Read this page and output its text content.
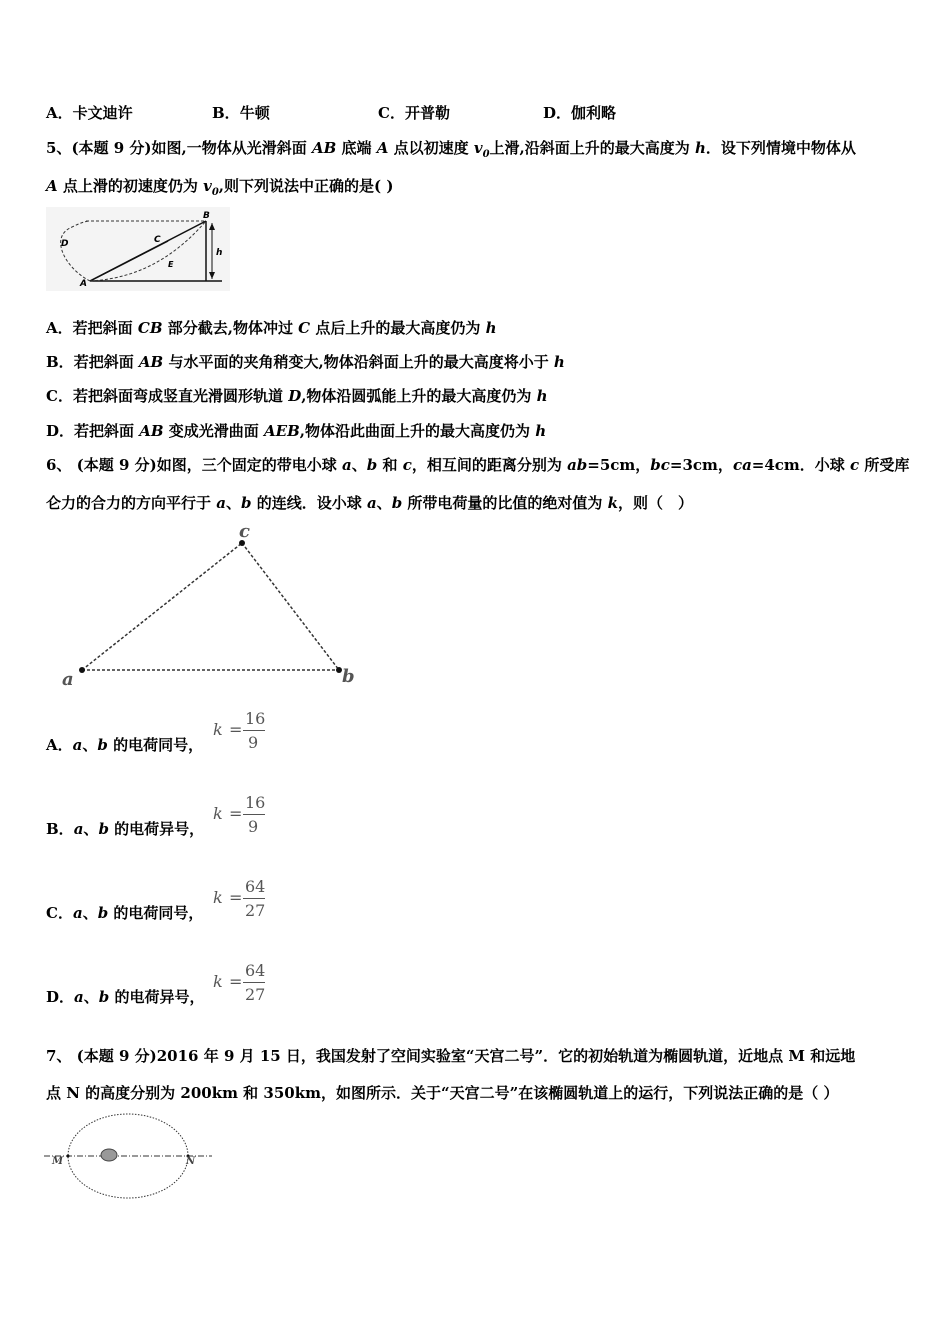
A．卡文迪许	B．牛顿	C．开普勒	D．伽利略
5、(本题 9 分)如图,一物体从光滑斜面 AB 底端 A 点以初速度 $v_0$上滑,沿斜面上升的最大高度为 h．设下列情境中物体从
A 点上滑的初速度仍为 $v_0$,则下列说法中正确的是( )
B
C
D
E
A
h
A．若把斜面 CB 部分截去,物体冲过 C 点后上升的最大高度仍为 h
B．若把斜面 AB 与水平面的夹角稍变大,物体沿斜面上升的最大高度将小于 h
C．若把斜面弯成竖直光滑圆形轨道 D,物体沿圆弧能上升的最大高度仍为 h
D．若把斜面 AB 变成光滑曲面 AEB,物体沿此曲面上升的最大高度仍为 h
6、 (本题 9 分)如图，三个固定的带电小球 a、b 和 c，相互间的距离分别为 ab=5cm，bc=3cm，ca=4cm．小球 c 所受库
仑力的合力的方向平行于 a、b 的连线．设小球 a、b 所带电荷量的比值的绝对值为 k，则（　）
a	b
c
A．a、b 的电荷同号，
k =
16
9
B．a、b 的电荷异号，
k =
16
9
C．a、b 的电荷同号，
k =
64
27
D．a、b 的电荷异号，
k =
64
27
7、 (本题 9 分)2016 年 9 月 15 日，我国发射了空间实验室“天宫二号”．它的初始轨道为椭圆轨道，近地点 M 和远地
点 N 的高度分别为 200km 和 350km，如图所示．关于“天宫二号”在该椭圆轨道上的运行，下列说法正确的是（ ）
M	N
